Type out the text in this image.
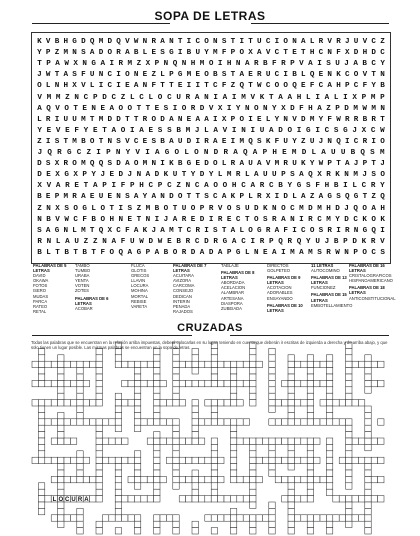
SOPA DE LETRAS
K V B H G D Q M D Q V W N R A N T I C O N S T I T U C I O N A L R V R J U V C Z
Y P Z M N S A D O R A B L E S G I B U Y M F P O X A V C T E T H C N F X D H D C
T P A W X N G A I R M Z X P N Q N H M O I H N A R B F R P V A I S U J A B C Y
J W T A S F U N C I O N E Z L P G M E O B S T A E R U C I B L Q E N K C O V T N
O L N H X V L I C I E A N F T T E I I T C F Z Q T W C O O Q E F C A H P C F Y B
V M M Z N C P D C Z L C L O C U R A N I A I M V K T A A H L I A L I X P M P
A Q V O T E N E A O O T T E S I O R D V X I Y N O N Y X D F H A Z P D M W M N
L R I U U M T M D D T T R O D A N E A A I X P O I E L Y N V D M Y F W R R B R T
Y E V E F Y E T A O I A E S S B M J L A V I N I U A D O I G I C S G J X C W
Z I S T M B O T N S V C E S B A U D I R A E I M Q S K F U Y Z U J N Q I C R I O
J Q R G C Z I P N Y V I A G O L O N D R A Q A P H E M D L A U U B Q S M
D S X R O M Q Q S D A O M N I K B G E D O L R A U A V M R U K Y W P T A J P T J
D E X G X P Y J E D J N A D K U T Y D Y L M R L A U U P S A Q X R K N M J S O
X V A R E T A P I F P H C P C Z N C A O O H C A R C B Y G S F H B I L C R Y
B E P M R A E U E N S A Y A N D O T T S C A K P L R X I D L A Z A G S Q G T Z Q
Z N X S O G L O T I S Z M B O T U O P R V O S U D K N O C M D M H D J Q O A H
N B V W C F B O H N E T N I J A R E D I R E C T O S R A N I R C M Y D C K O K
S A G N L M T Q X C F A K J A M T C R I S T A L O G R A F I C O S R I R N G Q I
R N L A U Z Z N A F U W D W E B R C D R G A C I R P Q R Q Y U J B P D K R V
B L T B T B T F O Q A G P A B O R D A D A P G L N E A I M A M S R W N P O C S
PALABRAS DE 5 LETRAS
DAVID
OKAWA
FOTOS
ISERO
MUDAS
PARCA
RATEO
RETAL
TAMBO
TUMBO
URABA
YENTA
VOTEN
ZOTES
PALABRAS DE 6 LETRAS
ACOBAR
FLUCA
GLOTIS
GRECOS
LLAVIN
LOCURA
MOHINA
MORTAL
REBISE
VARETA
PALABRAS DE 7 LETRAS
ACUITARA
AVIZORA
CARCOMA
CONSEJO
DEDICAN
INTERIN
PENADA
RAJADOS
TABLAJE
PALABRAS DE 8 LETRAS
ABORDADA
ACELACION
ALAMBRAR
ARTESANA
DIASPORA
ZUBEIADA
DIRECTOS
GOLPETEO
PALABRAS DE 9 LETRAS
ACOTACION
ADORABLES
ENSAYANDO
PALABRAS DE 10 LETRAS
11 LETRAS
AUTOCOMINO
PALABRAS DE 13 LETRAS
FUNCIONEZ
PALABRAS DE 15 LETRAS
EMBOTELLAMIENTO
PALABRAS DE 16 LETRAS
CRISTALOGRAFICOS
HISPANOAMERICANO
PALABRAS DE 18 LETRAS
ANTICONSTITUCIONAL
CRUZADAS
L O C U R A
Todas las palabras que se encuentran en la relación arriba impuestas, deberá colocarlas en su lugar, teniendo en cuenta que deberán ir escritas de izquierda a derecha y de arriba abajo, y que solo tienen un lugar posible. Las mismas palabras se encuentran en la sopa de letras.
